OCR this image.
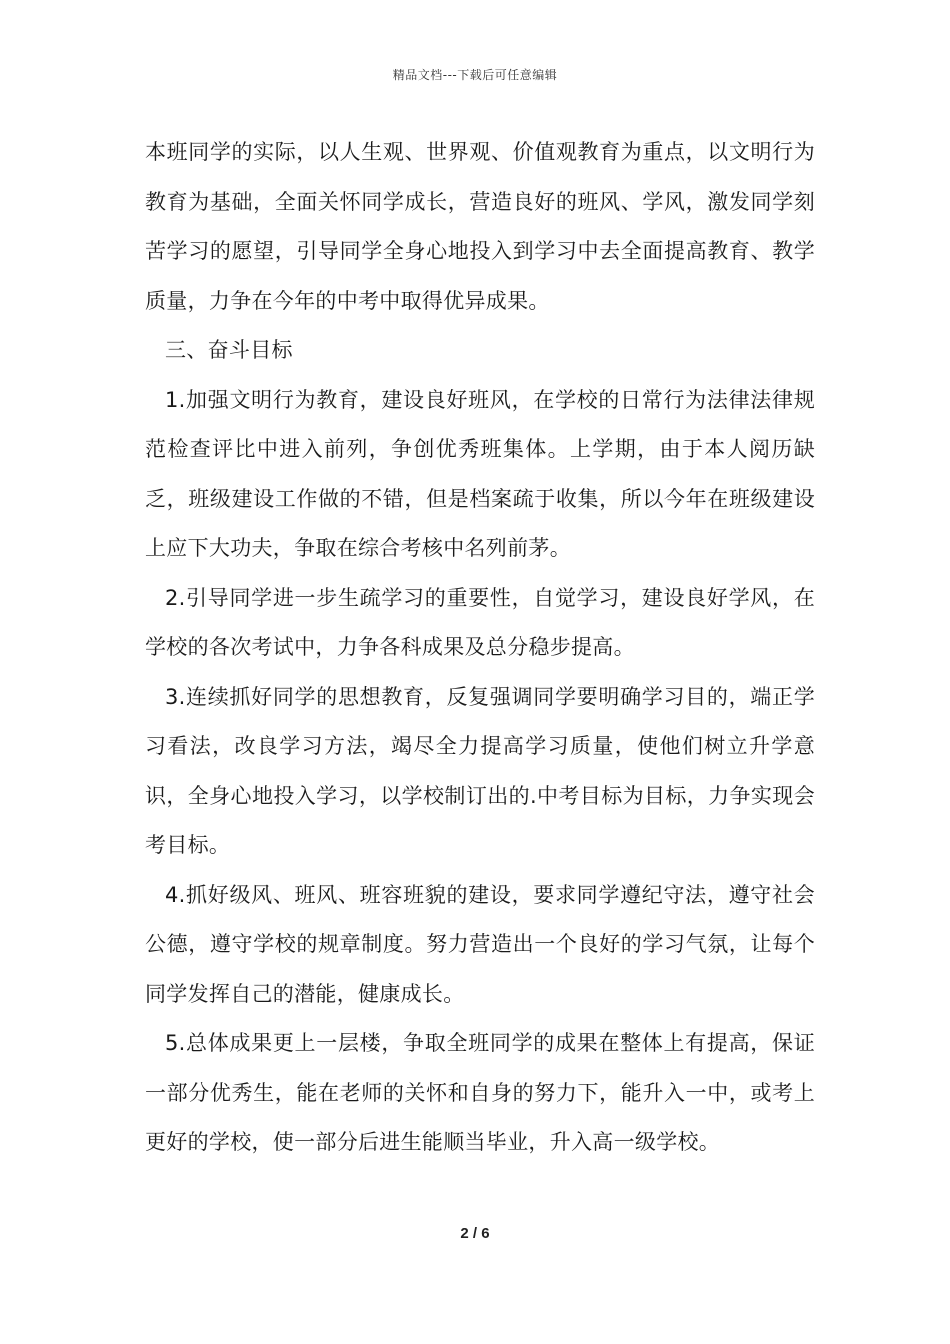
精品文档---下载后可任意编辑

本班同学的实际，以人生观、世界观、价值观教育为重点，以文明行为教育为基础，全面关怀同学成长，营造良好的班风、学风，激发同学刻苦学习的愿望，引导同学全身心地投入到学习中去全面提高教育、教学质量，力争在今年的中考中取得优异成果。

三、奋斗目标

1.加强文明行为教育，建设良好班风，在学校的日常行为法律法律规范检查评比中进入前列，争创优秀班集体。上学期，由于本人阅历缺乏，班级建设工作做的不错，但是档案疏于收集，所以今年在班级建设上应下大功夫，争取在综合考核中名列前茅。

2.引导同学进一步生疏学习的重要性，自觉学习，建设良好学风，在学校的各次考试中，力争各科成果及总分稳步提高。

3.连续抓好同学的思想教育，反复强调同学要明确学习目的，端正学习看法，改良学习方法，竭尽全力提高学习质量，使他们树立升学意识，全身心地投入学习，以学校制订出的.中考目标为目标，力争实现会考目标。

4.抓好级风、班风、班容班貌的建设，要求同学遵纪守法，遵守社会公德，遵守学校的规章制度。努力营造出一个良好的学习气氛，让每个同学发挥自己的潜能，健康成长。

5.总体成果更上一层楼，争取全班同学的成果在整体上有提高，保证一部分优秀生，能在老师的关怀和自身的努力下，能升入一中，或考上更好的学校，使一部分后进生能顺当毕业，升入高一级学校。

2 / 6
